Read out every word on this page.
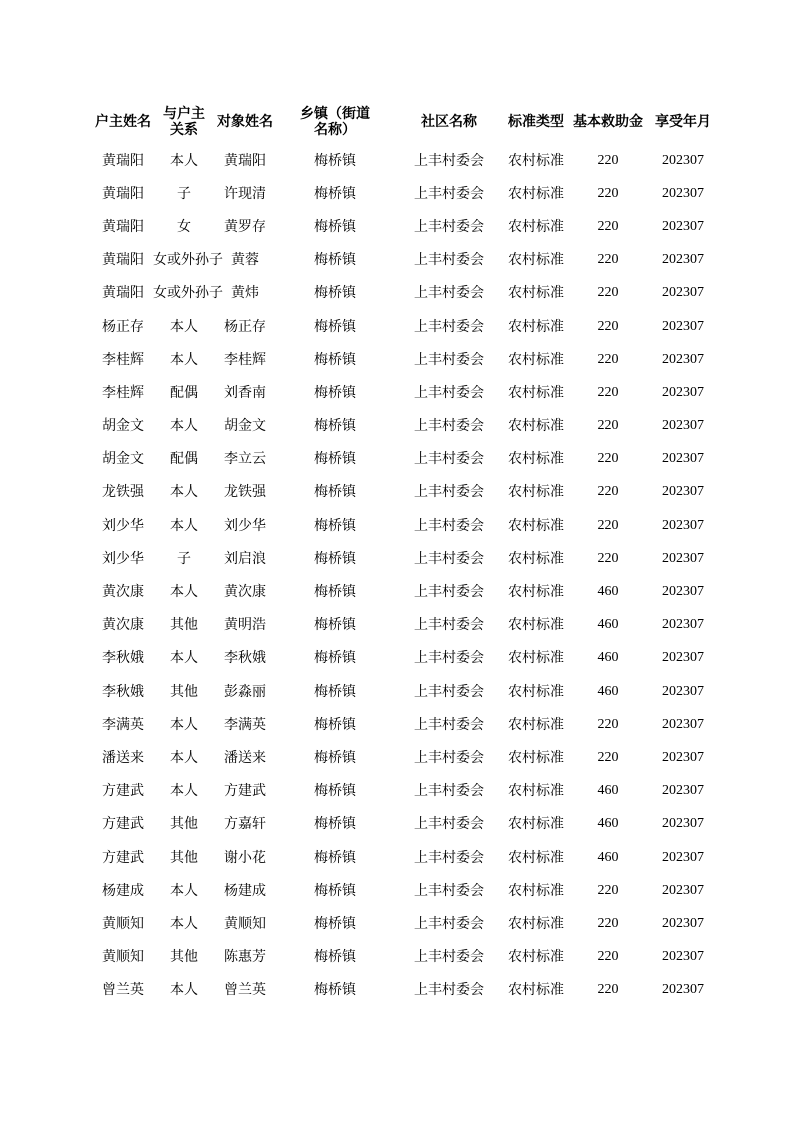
户主姓名	与户主关系	对象姓名	乡镇（街道名称）	社区名称	标准类型	基本救助金	享受年月
黄瑞阳	本人	黄瑞阳	梅桥镇	上丰村委会	农村标准	220	202307
黄瑞阳	子	许现清	梅桥镇	上丰村委会	农村标准	220	202307
黄瑞阳	女	黄罗存	梅桥镇	上丰村委会	农村标准	220	202307
黄瑞阳	女或外孙子	黄蓉	梅桥镇	上丰村委会	农村标准	220	202307
黄瑞阳	女或外孙子	黄炜	梅桥镇	上丰村委会	农村标准	220	202307
杨正存	本人	杨正存	梅桥镇	上丰村委会	农村标准	220	202307
李桂辉	本人	李桂辉	梅桥镇	上丰村委会	农村标准	220	202307
李桂辉	配偶	刘香南	梅桥镇	上丰村委会	农村标准	220	202307
胡金文	本人	胡金文	梅桥镇	上丰村委会	农村标准	220	202307
胡金文	配偶	李立云	梅桥镇	上丰村委会	农村标准	220	202307
龙铁强	本人	龙铁强	梅桥镇	上丰村委会	农村标准	220	202307
刘少华	本人	刘少华	梅桥镇	上丰村委会	农村标准	220	202307
刘少华	子	刘启浪	梅桥镇	上丰村委会	农村标准	220	202307
黄次康	本人	黄次康	梅桥镇	上丰村委会	农村标准	460	202307
黄次康	其他	黄明浩	梅桥镇	上丰村委会	农村标准	460	202307
李秋娥	本人	李秋娥	梅桥镇	上丰村委会	农村标准	460	202307
李秋娥	其他	彭淼丽	梅桥镇	上丰村委会	农村标准	460	202307
李满英	本人	李满英	梅桥镇	上丰村委会	农村标准	220	202307
潘送来	本人	潘送来	梅桥镇	上丰村委会	农村标准	220	202307
方建武	本人	方建武	梅桥镇	上丰村委会	农村标准	460	202307
方建武	其他	方嘉轩	梅桥镇	上丰村委会	农村标准	460	202307
方建武	其他	谢小花	梅桥镇	上丰村委会	农村标准	460	202307
杨建成	本人	杨建成	梅桥镇	上丰村委会	农村标准	220	202307
黄顺知	本人	黄顺知	梅桥镇	上丰村委会	农村标准	220	202307
黄顺知	其他	陈惠芳	梅桥镇	上丰村委会	农村标准	220	202307
曾兰英	本人	曾兰英	梅桥镇	上丰村委会	农村标准	220	202307
